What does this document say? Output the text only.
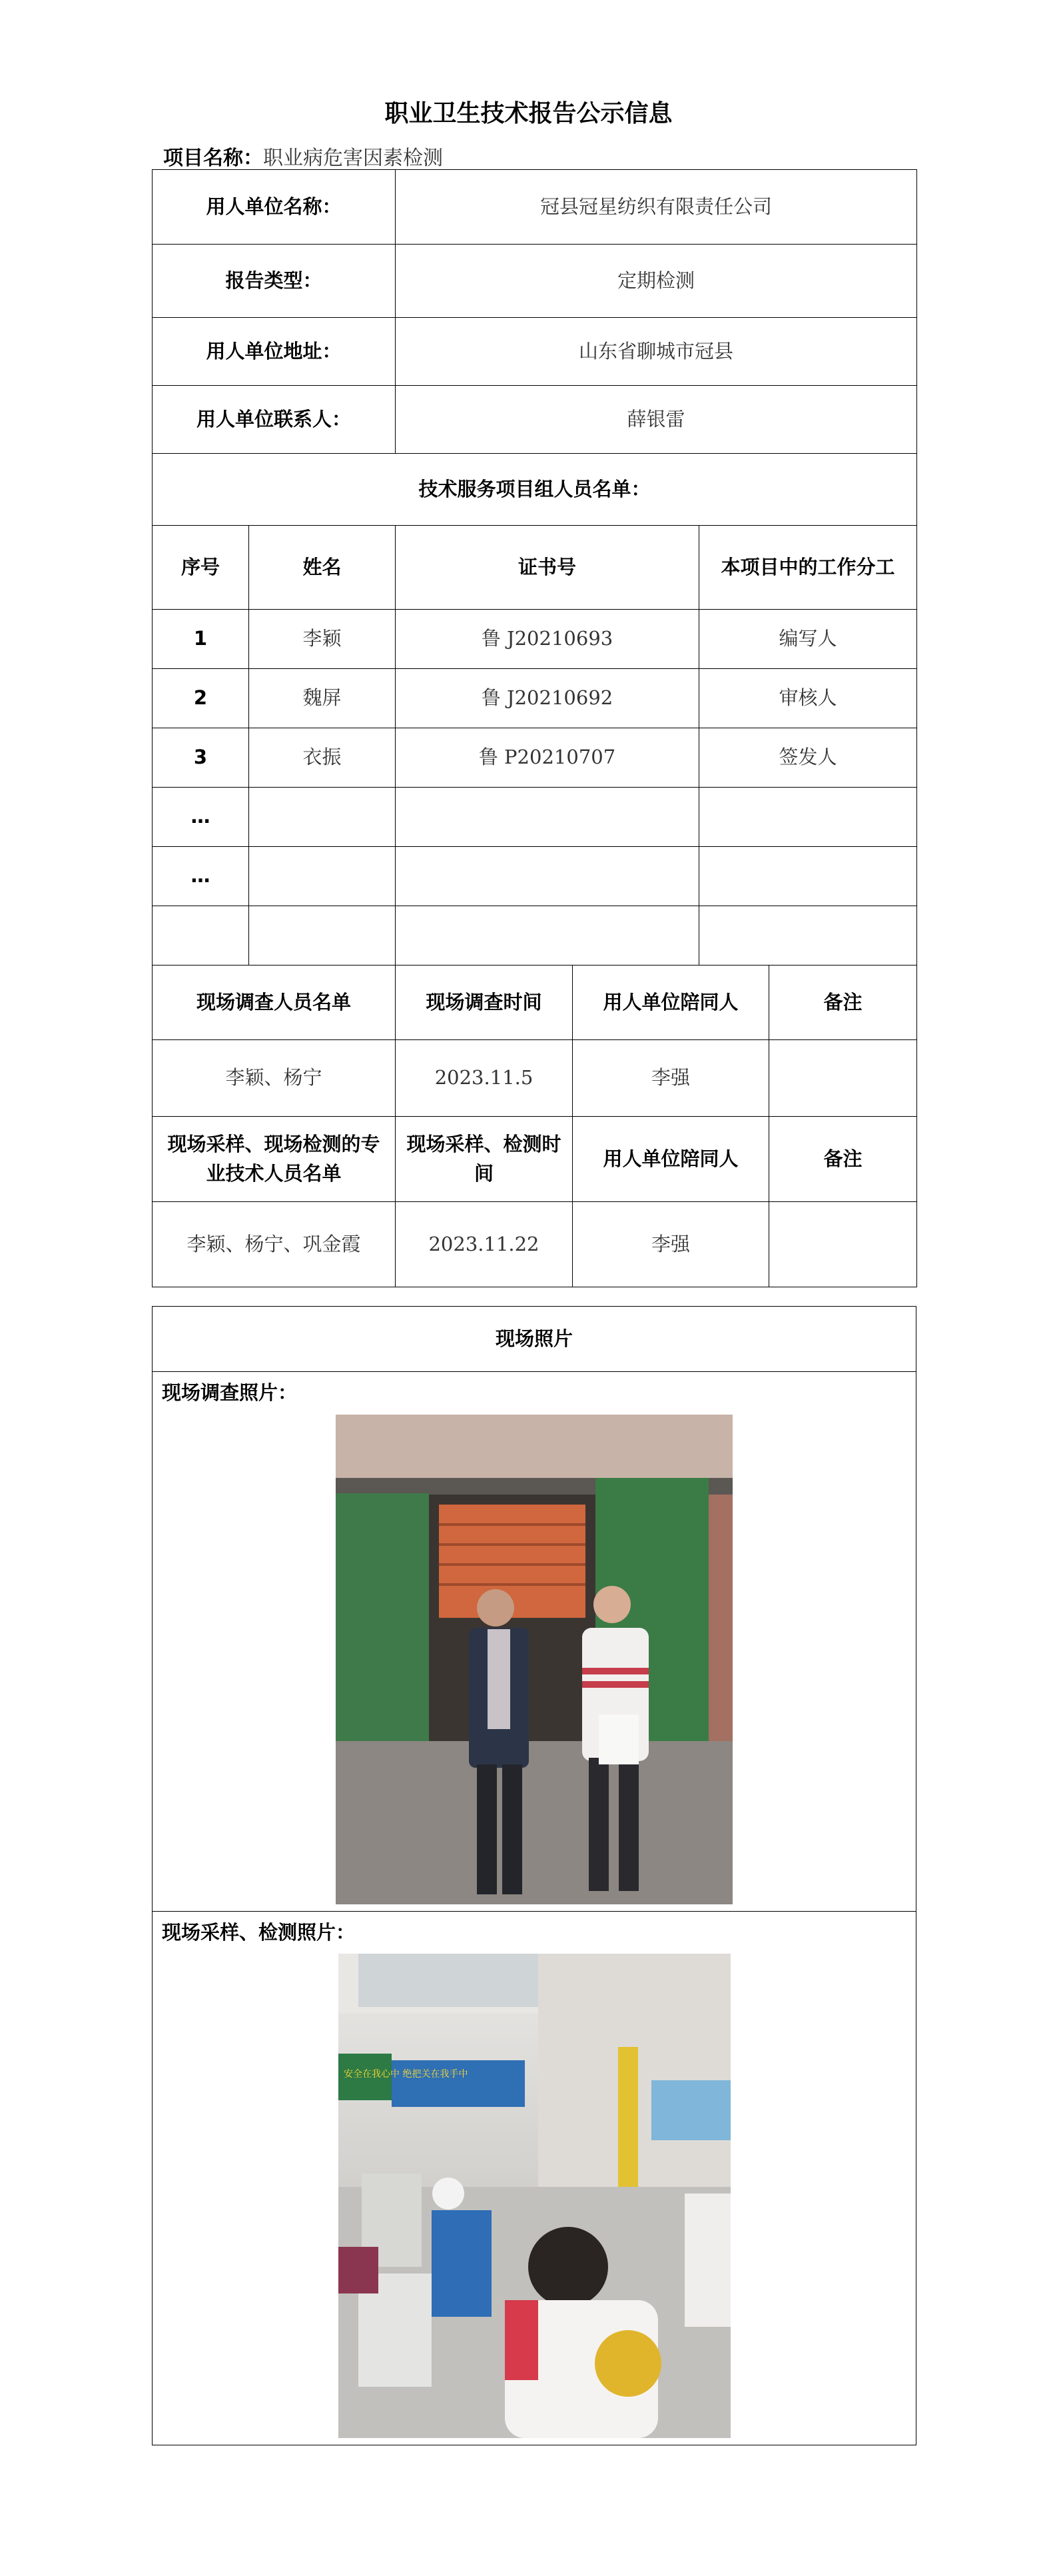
职业卫生技术报告公示信息
项目名称：职业病危害因素检测
用人单位名称：	冠县冠星纺织有限责任公司
报告类型：	定期检测
用人单位地址：	山东省聊城市冠县
用人单位联系人：	薛银雷
技术服务项目组人员名单：	
序号	姓名	证书号	本项目中的工作分工
1	李颖	鲁 J20210693	编写人
2	魏屏	鲁 J20210692	审核人
3	衣振	鲁 P20210707	签发人
…			
…			

现场调查人员名单	现场调查时间	用人单位陪同人	备注
李颖、杨宁	2023.11.5	李强	
现场采样、现场检测的专业技术人员名单	现场采样、检测时间	用人单位陪同人	备注
李颖、杨宁、巩金霞	2023.11.22	李强	
现场照片

现场调查照片：

现场采样、检测照片：
安全在我心中 绝把关在我手中
